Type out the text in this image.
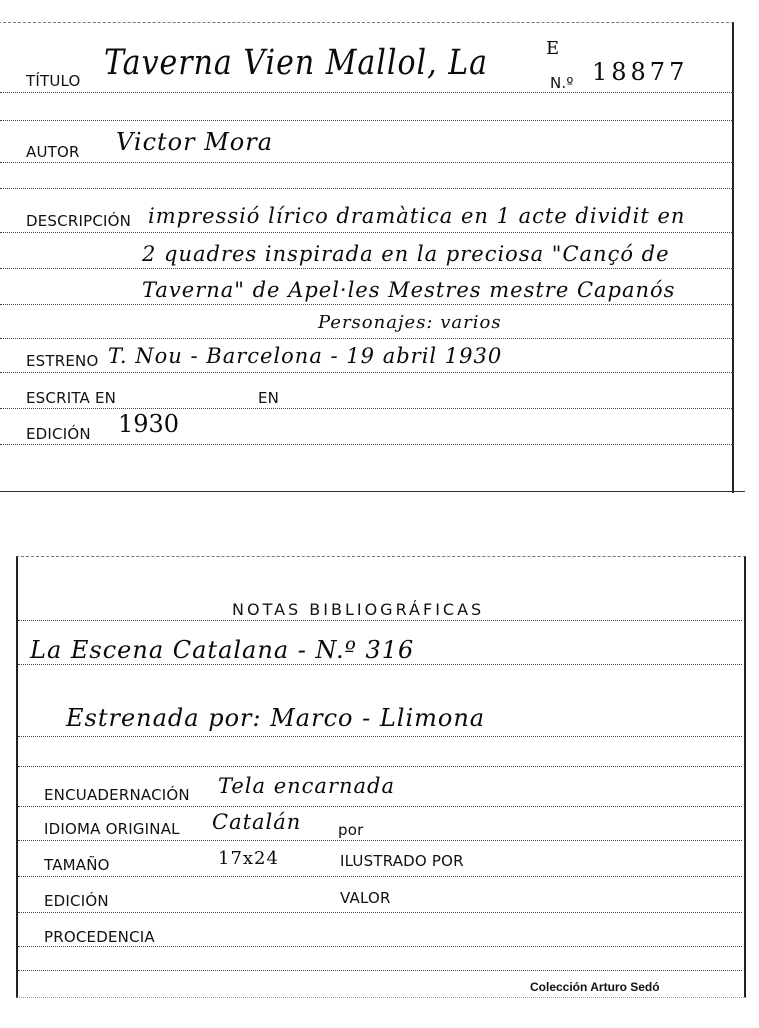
TÍTULO Taverna Vien Mallol, La	E
N.º 18877
AUTOR Victor Mora
DESCRIPCIÓN impressió lírico dramàtica en 1 acte dividit en
2 quadres inspirada en la preciosa "Cançó de
Taverna" de Apel·les Mestres mestre Capanós
Personajes: varios
ESTRENO T. Nou - Barcelona - 19 abril 1930
ESCRITA EN	EN
EDICIÓN 1930
NOTAS BIBLIOGRÁFICAS
La Escena Catalana - N.º 316
Estrenada por: Marco - Llimona
ENCUADERNACIÓN Tela encarnada
IDIOMA ORIGINAL Catalán por
TAMAÑO	17x24	ILUSTRADO POR
EDICIÓN	VALOR
PROCEDENCIA
Colección Arturo Sedó
